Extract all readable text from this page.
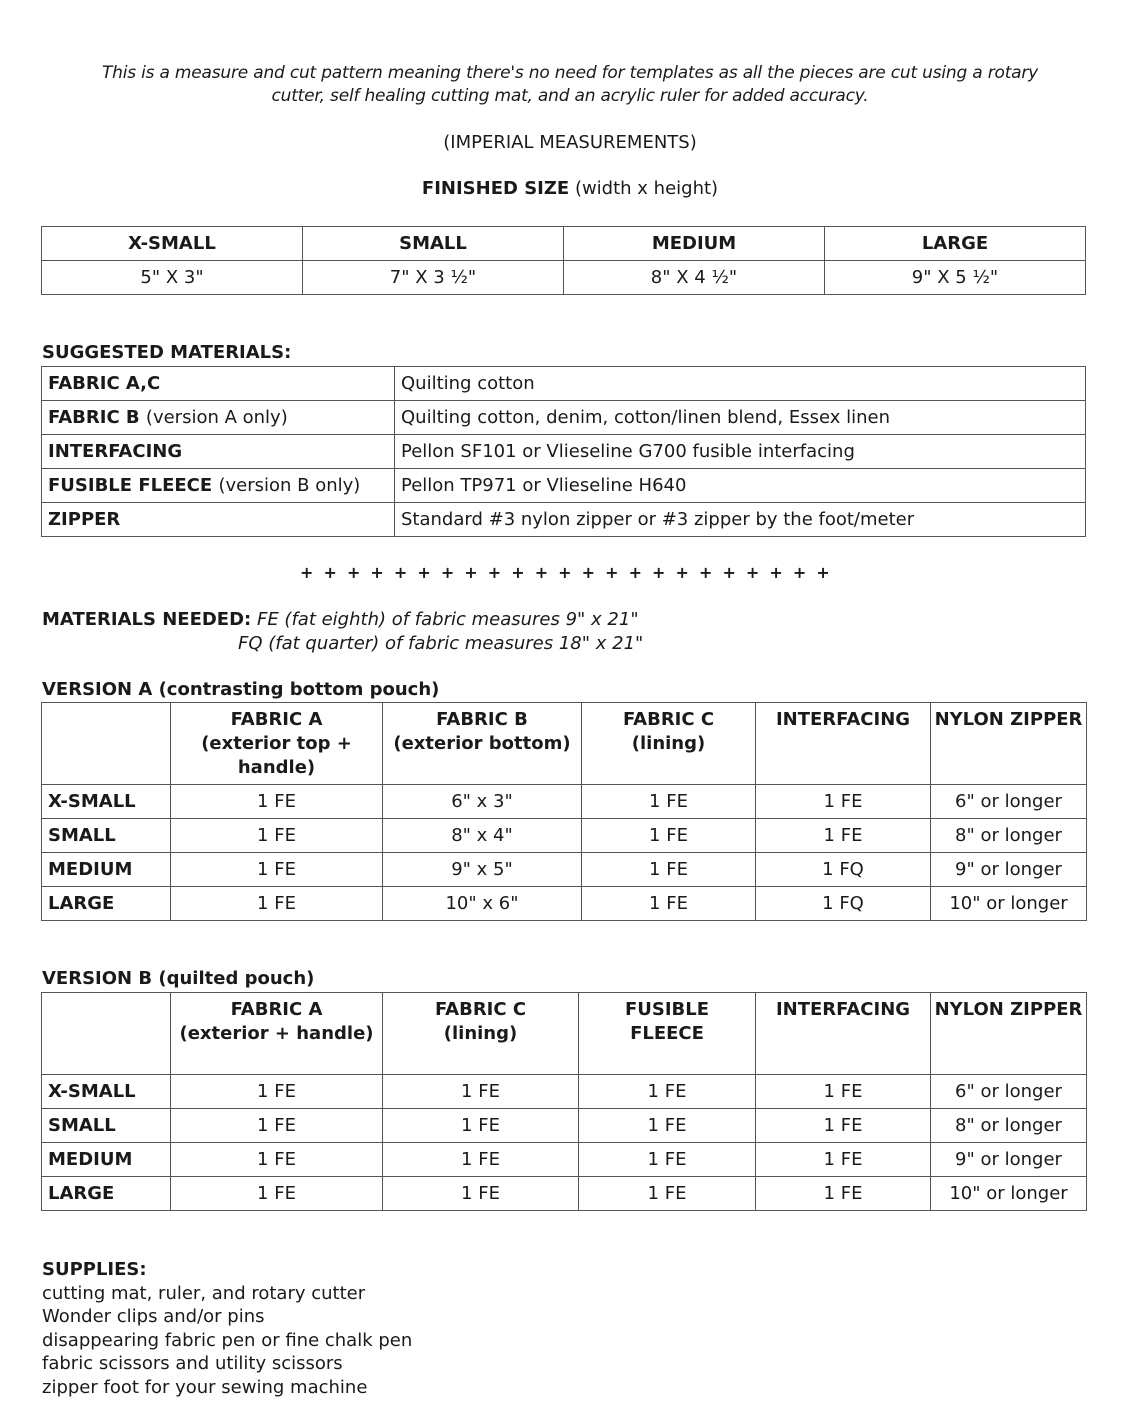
This is a measure and cut pattern meaning there's no need for templates as all the pieces are cut using a rotary
cutter, self healing cutting mat, and an acrylic ruler for added accuracy.
(IMPERIAL MEASUREMENTS)
FINISHED SIZE (width x height)
X-SMALL	SMALL	MEDIUM	LARGE
5" X 3"	7" X 3 ½"	8" X 4 ½"	9" X 5 ½"
SUGGESTED MATERIALS:
FABRIC A,C	Quilting cotton
FABRIC B (version A only)	Quilting cotton, denim, cotton/linen blend, Essex linen
INTERFACING	Pellon SF101 or Vlieseline G700 fusible interfacing
FUSIBLE FLEECE (version B only)	Pellon TP971 or Vlieseline H640
ZIPPER	Standard #3 nylon zipper or #3 zipper by the foot/meter
+ + + + + + + + + + + + + + + + + + + + + + +
MATERIALS NEEDED: FE (fat eighth) of fabric measures 9" x 21"
FQ (fat quarter) of fabric measures 18" x 21"
VERSION A (contrasting bottom pouch)

	FABRIC A
(exterior top +
handle)	FABRIC B
(exterior bottom)	FABRIC C
(lining)	INTERFACING	NYLON ZIPPER

X-SMALL	1 FE	6" x 3"	1 FE	1 FE	6" or longer
SMALL	1 FE	8" x 4"	1 FE	1 FE	8" or longer
MEDIUM	1 FE	9" x 5"	1 FE	1 FQ	9" or longer
LARGE	1 FE	10" x 6"	1 FE	1 FQ	10" or longer
VERSION B (quilted pouch)

	FABRIC A
(exterior + handle)	FABRIC C
(lining)	FUSIBLE
FLEECE	INTERFACING	NYLON ZIPPER

X-SMALL	1 FE	1 FE	1 FE	1 FE	6" or longer
SMALL	1 FE	1 FE	1 FE	1 FE	8" or longer
MEDIUM	1 FE	1 FE	1 FE	1 FE	9" or longer
LARGE	1 FE	1 FE	1 FE	1 FE	10" or longer
SUPPLIES:
cutting mat, ruler, and rotary cutter
Wonder clips and/or pins
disappearing fabric pen or fine chalk pen
fabric scissors and utility scissors
zipper foot for your sewing machine
